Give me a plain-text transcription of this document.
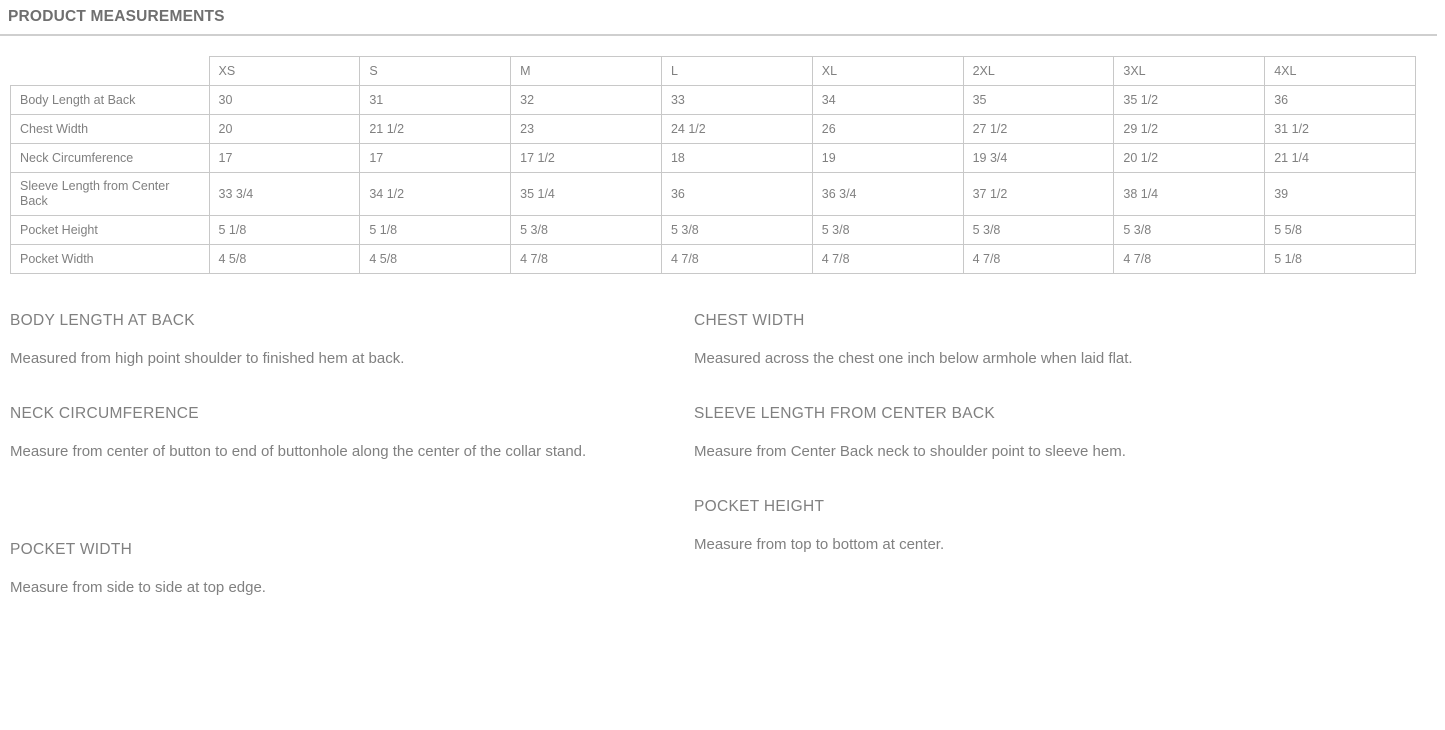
PRODUCT MEASUREMENTS
	XS	S	M	L	XL	2XL	3XL	4XL
Body Length at Back	30	31	32	33	34	35	35 1/2	36
Chest Width	20	21 1/2	23	24 1/2	26	27 1/2	29 1/2	31 1/2
Neck Circumference	17	17	17 1/2	18	19	19 3/4	20 1/2	21 1/4
Sleeve Length from Center Back	33 3/4	34 1/2	35 1/4	36	36 3/4	37 1/2	38 1/4	39
Pocket Height	5 1/8	5 1/8	5 3/8	5 3/8	5 3/8	5 3/8	5 3/8	5 5/8
Pocket Width	4 5/8	4 5/8	4 7/8	4 7/8	4 7/8	4 7/8	4 7/8	5 1/8
BODY LENGTH AT BACK
Measured from high point shoulder to finished hem at back.
NECK CIRCUMFERENCE
Measure from center of button to end of buttonhole along the center of the collar stand.
POCKET WIDTH
Measure from side to side at top edge.
CHEST WIDTH
Measured across the chest one inch below armhole when laid flat.
SLEEVE LENGTH FROM CENTER BACK
Measure from Center Back neck to shoulder point to sleeve hem.
POCKET HEIGHT
Measure from top to bottom at center.
